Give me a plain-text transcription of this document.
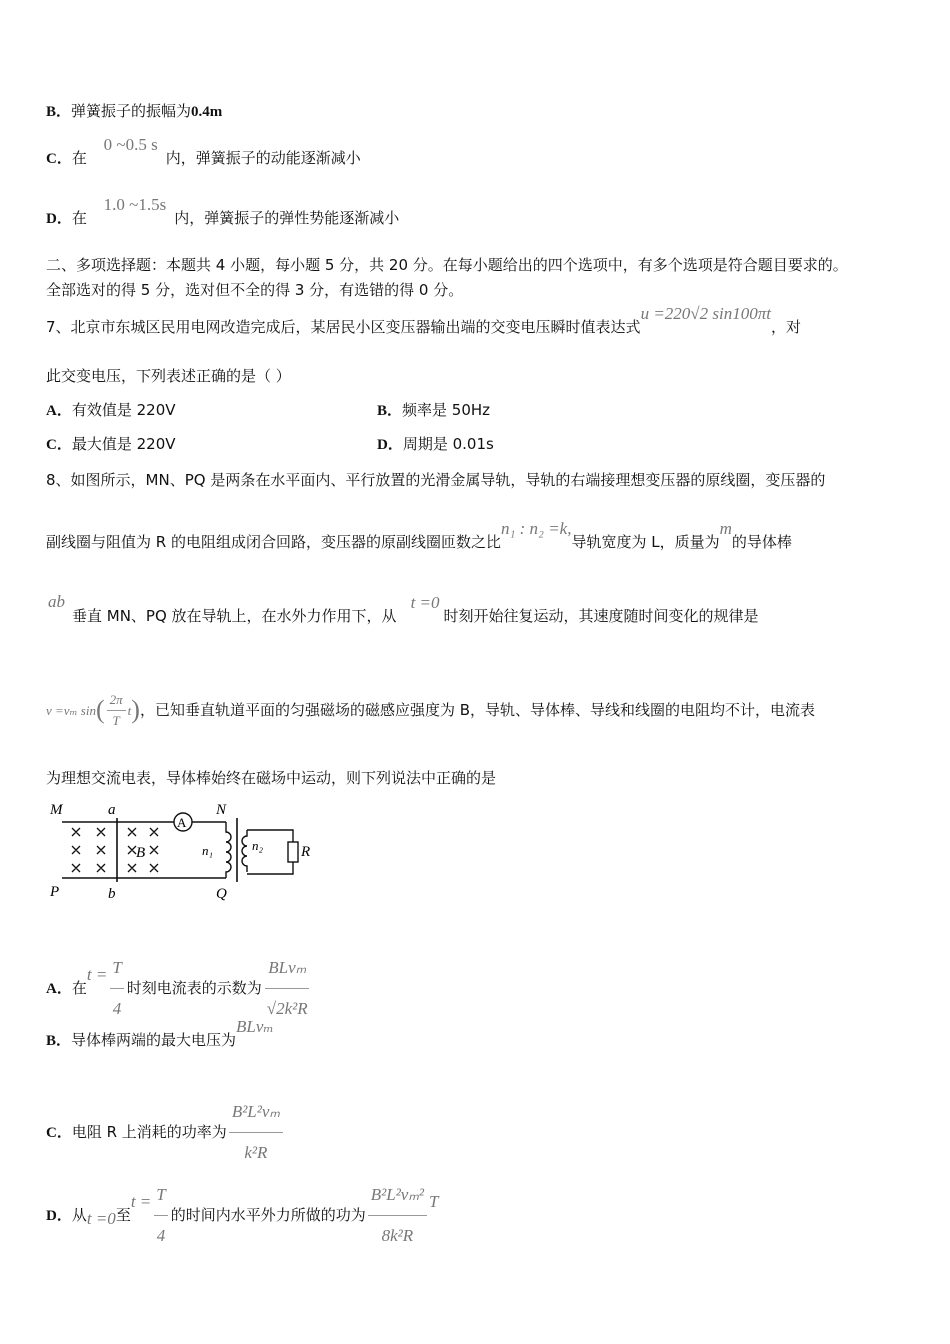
B．弹簧振子的振幅为0.4m
C．在 0 ~0.5 s内，弹簧振子的动能逐渐减小
D．在 1.0 ~1.5s内，弹簧振子的弹性势能逐渐减小
二、多项选择题：本题共 4 小题，每小题 5 分，共 20 分。在每小题给出的四个选项中，有多个选项是符合题目要求的。
全部选对的得 5 分，选对但不全的得 3 分，有选错的得 0 分。
7、北京市东城区民用电网改造完成后，某居民小区变压器输出端的交变电压瞬时值表达式u =220√2 sin100πt，对
此交变电压，下列表述正确的是（ ）
A．有效值是 220V	B．频率是 50Hz
C．最大值是 220V	D．周期是 0.01s
8、如图所示，MN、PQ 是两条在水平面内、平行放置的光滑金属导轨，导轨的右端接理想变压器的原线圈，变压器的
副线圈与阻值为 R 的电阻组成闭合回路，变压器的原副线圈匝数之比n₁ : n₂ =k,导轨宽度为 L，质量为m的导体棒
ab
垂直 MN、PQ 放在导轨上，在水外力作用下，从t =0时刻开始往复运动，其速度随时间变化的规律是
v =vₘ $\sin( \frac{2\pi}{T} t)$，已知垂直轨道平面的匀强磁场的磁感应强度为 B，导轨、导体棒、导线和线圈的电阻均不计，电流表
为理想交流电表，导体棒始终在磁场中运动，则下列说法中正确的是
M	a	N
P	b	Q
A
B	n₁	n₂	R
A．在$t = \frac{T}{4}$ 时刻电流表的示数为 $\frac{\text{BLvₘ}}{\text{√2k²R}}$
B．导体棒两端的最大电压为BLvₘ
C．电阻 R 上消耗的功率为 $\frac{\text{B²L²vₘ}}{\text{k²R}}$
D．从t =0至$t = \frac{T}{4}$ 的时间内水平外力所做的功为 $\frac{\text{B²L²vₘ²}}{\text{8k²R}}$ T
